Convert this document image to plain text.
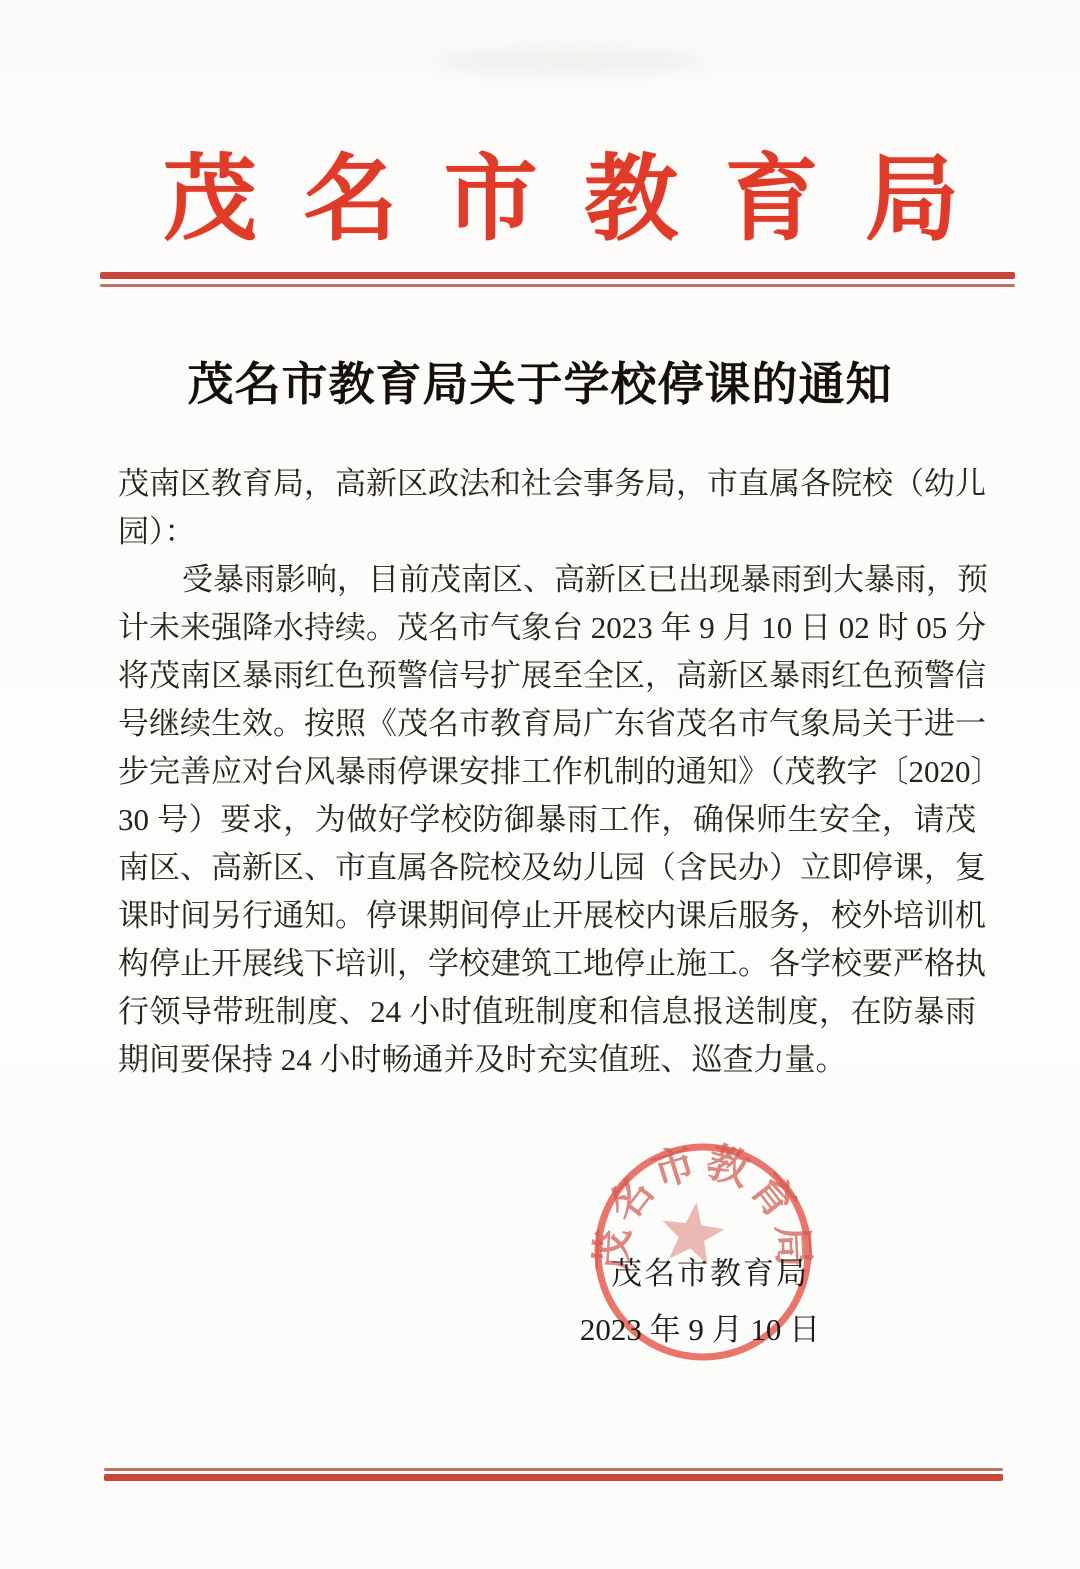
茂 名 市 教 育 局
茂名市教育局关于学校停课的通知
茂南区教育局，高新区政法和社会事务局，市直属各院校（幼儿
园）：
受暴雨影响，目前茂南区、高新区已出现暴雨到大暴雨，预
计未来强降水持续。茂名市气象台 2023 年 9 月 10 日 02 时 05 分
将茂南区暴雨红色预警信号扩展至全区，高新区暴雨红色预警信
号继续生效。按照《茂名市教育局广东省茂名市气象局关于进一
步完善应对台风暴雨停课安排工作机制的通知》（茂教字〔2020〕
30 号）要求，为做好学校防御暴雨工作，确保师生安全，请茂
南区、高新区、市直属各院校及幼儿园（含民办）立即停课，复
课时间另行通知。停课期间停止开展校内课后服务，校外培训机
构停止开展线下培训，学校建筑工地停止施工。各学校要严格执
行领导带班制度、24 小时值班制度和信息报送制度，在防暴雨
期间要保持 24 小时畅通并及时充实值班、巡查力量。
茂名市教育局
茂名市教育局
2023 年 9 月 10 日
